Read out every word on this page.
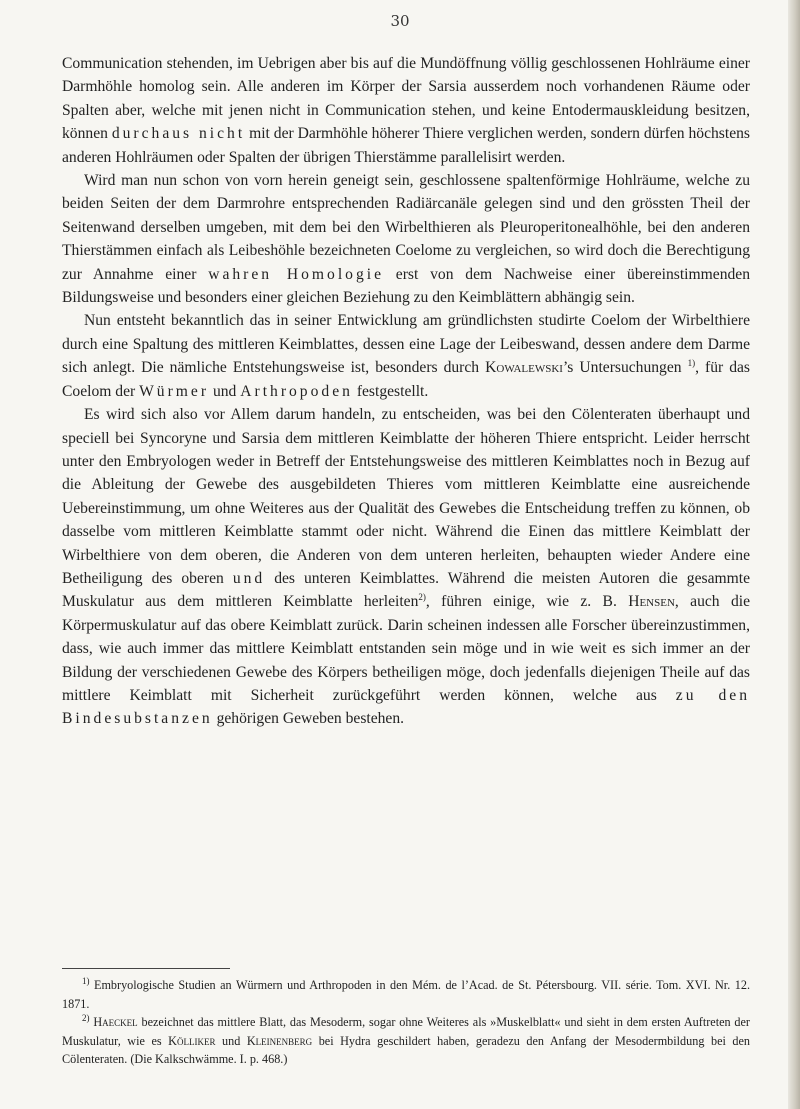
30

Communication stehenden, im Uebrigen aber bis auf die Mundöffnung völlig geschlossenen Hohlräume einer Darmhöhle homolog sein. Alle anderen im Körper der Sarsia ausserdem noch vorhandenen Räume oder Spalten aber, welche mit jenen nicht in Communication stehen, und keine Entodermauskleidung besitzen, können durchaus nicht mit der Darmhöhle höherer Thiere verglichen werden, sondern dürfen höchstens anderen Hohlräumen oder Spalten der übrigen Thierstämme parallelisirt werden.

Wird man nun schon von vorn herein geneigt sein, geschlossene spaltenförmige Hohlräume, welche zu beiden Seiten der dem Darmrohre entsprechenden Radiärcanäle gelegen sind und den grössten Theil der Seitenwand derselben umgeben, mit dem bei den Wirbelthieren als Pleuroperitonealhöhle, bei den anderen Thierstämmen einfach als Leibeshöhle bezeichneten Coelome zu vergleichen, so wird doch die Berechtigung zur Annahme einer wahren Homologie erst von dem Nachweise einer übereinstimmenden Bildungsweise und besonders einer gleichen Beziehung zu den Keimblättern abhängig sein.

Nun entsteht bekanntlich das in seiner Entwicklung am gründlichsten studirte Coelom der Wirbelthiere durch eine Spaltung des mittleren Keimblattes, dessen eine Lage der Leibeswand, dessen andere dem Darme sich anlegt. Die nämliche Entstehungsweise ist, besonders durch Kowalewski’s Untersuchungen $^{1)}$, für das Coelom der Würmer und Arthropoden festgestellt.

Es wird sich also vor Allem darum handeln, zu entscheiden, was bei den Cölenteraten überhaupt und speciell bei Syncoryne und Sarsia dem mittleren Keimblatte der höheren Thiere entspricht. Leider herrscht unter den Embryologen weder in Betreff der Entstehungsweise des mittleren Keimblattes noch in Bezug auf die Ableitung der Gewebe des ausgebildeten Thieres vom mittleren Keimblatte eine ausreichende Uebereinstimmung, um ohne Weiteres aus der Qualität des Gewebes die Entscheidung treffen zu können, ob dasselbe vom mittleren Keimblatte stammt oder nicht. Während die Einen das mittlere Keimblatt der Wirbelthiere von dem oberen, die Anderen von dem unteren herleiten, behaupten wieder Andere eine Betheiligung des oberen und des unteren Keimblattes. Während die meisten Autoren die gesammte Muskulatur aus dem mittleren Keimblatte herleiten$^{2)}$, führen einige, wie z. B. Hensen, auch die Körpermuskulatur auf das obere Keimblatt zurück. Darin scheinen indessen alle Forscher übereinzustimmen, dass, wie auch immer das mittlere Keimblatt entstanden sein möge und in wie weit es sich immer an der Bildung der verschiedenen Gewebe des Körpers betheiligen möge, doch jedenfalls diejenigen Theile auf das mittlere Keimblatt mit Sicherheit zurückgeführt werden können, welche aus zu den Bindesubstanzen gehörigen Geweben bestehen.

$^{1)}$ Embryologische Studien an Würmern und Arthropoden in den Mém. de l’Acad. de St. Pétersbourg. VII. série. Tom. XVI. Nr. 12. 1871.

$^{2)}$ Haeckel bezeichnet das mittlere Blatt, das Mesoderm, sogar ohne Weiteres als »Muskelblatt« und sieht in dem ersten Auftreten der Muskulatur, wie es Kölliker und Kleinenberg bei Hydra geschildert haben, geradezu den Anfang der Mesodermbildung bei den Cölenteraten. (Die Kalkschwämme. I. p. 468.)
